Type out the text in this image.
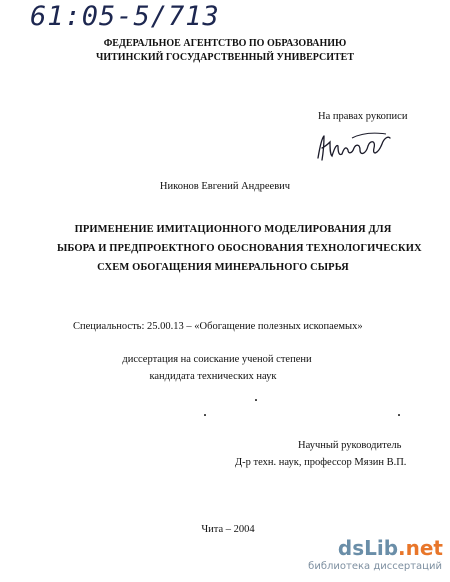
61:05-5/713
ФЕДЕРАЛЬНОЕ АГЕНТСТВО ПО ОБРАЗОВАНИЮ
ЧИТИНСКИЙ ГОСУДАРСТВЕННЫЙ УНИВЕРСИТЕТ
На правах рукописи
Никонов Евгений Андреевич
ПРИМЕНЕНИЕ ИМИТАЦИОННОГО МОДЕЛИРОВАНИЯ ДЛЯ
ЫБОРА И ПРЕДПРОЕКТНОГО ОБОСНОВАНИЯ ТЕХНОЛОГИЧЕСКИХ
СХЕМ ОБОГАЩЕНИЯ МИНЕРАЛЬНОГО СЫРЬЯ
Специальность: 25.00.13 – «Обогащение полезных ископаемых»
диссертация на соискание ученой степени
кандидата технических наук
Научный руководитель
Д-р техн. наук, профессор Мязин В.П.
Чита – 2004
dsLib.net
библиотека диссертаций
